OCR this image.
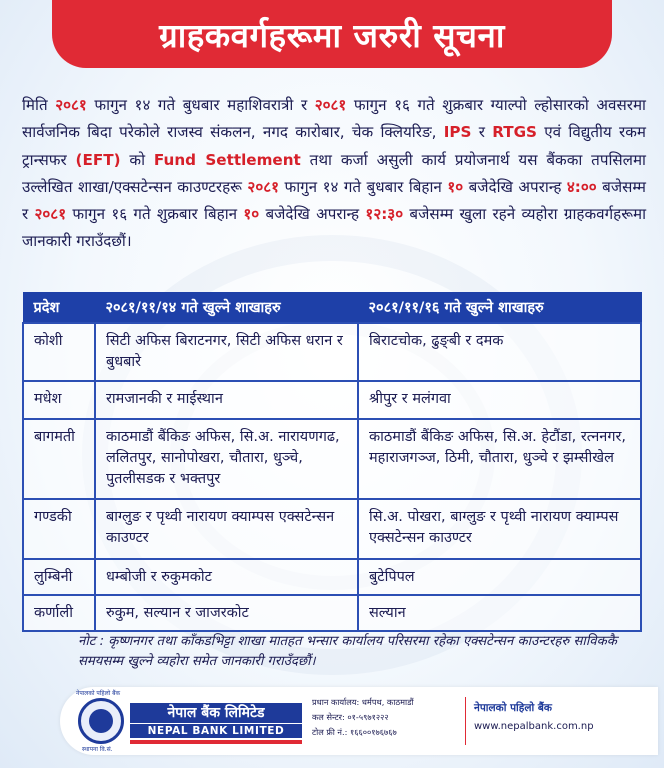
ग्राहकवर्गहरूमा जरुरी सूचना
मिति २०८१ फागुन १४ गते बुधबार महाशिवरात्री र २०८१ फागुन १६ गते शुक्रबार ग्याल्पो ल्होसारको अवसरमा सार्वजनिक बिदा परेकोले राजस्व संकलन, नगद कारोबार, चेक क्लियरिङ, IPS र RTGS एवं विद्युतीय रकम ट्रान्सफर (EFT) को Fund Settlement तथा कर्जा असुली कार्य प्रयोजनार्थ यस बैंकका तपसिलमा उल्लेखित शाखा/एक्सटेन्सन काउण्टरहरू २०८१ फागुन १४ गते बुधबार बिहान १० बजेदेखि अपरान्ह ४:०० बजेसम्म र २०८१ फागुन १६ गते शुक्रबार बिहान १० बजेदेखि अपरान्ह १२:३० बजेसम्म खुला रहने व्यहोरा ग्राहकवर्गहरूमा जानकारी गराउँदछौं।
प्रदेश	२०८१/११/१४ गते खुल्ने शाखाहरु	२०८१/११/१६ गते खुल्ने शाखाहरु
कोशी	सिटी अफिस बिराटनगर, सिटी अफिस धरान र बुधबारे	बिराटचोक, ढुङ्बी र दमक
मधेश	रामजानकी र माईस्थान	श्रीपुर र मलंगवा
बागमती	काठमाडौं बैंकिङ अफिस, सि.अ. नारायणगढ, ललितपुर, सानोपोखरा, चौतारा, धुञ्चे, पुतलीसडक र भक्तपुर	काठमाडौं बैंकिङ अफिस, सि.अ. हेटौंडा, रत्ननगर, महाराजगञ्ज, ठिमी, चौतारा, धुञ्चे र झम्सीखेल
गण्डकी	बाग्लुङ र पृथ्वी नारायण क्याम्पस एक्सटेन्सन काउण्टर	सि.अ. पोखरा, बाग्लुङ र पृथ्वी नारायण क्याम्पस एक्सटेन्सन काउण्टर
लुम्बिनी	धम्बोजी र रुकुमकोट	बुटेपिपल
कर्णाली	रुकुम, सल्यान र जाजरकोट	सल्यान
नोट : कृष्णनगर तथा काँकडभिट्टा शाखा मातहत भन्सार कार्यालय परिसरमा रहेका एक्सटेन्सन काउन्टरहरु साविककै समयसम्म खुल्ने व्यहोरा समेत जानकारी गराउँदछौं।
नेपालको पहिलो बैंक
स्थापना वि.सं.
नेपाल बैंक लिमिटेड
NEPAL BANK LIMITED
प्रधान कार्यालय: धर्मपथ, काठमाडौं
कल सेन्टर: ०१-५९७१२२२
टोल फ्री नं.: १६६००१७६७६७
नेपालको पहिलो बैंक
www.nepalbank.com.np
